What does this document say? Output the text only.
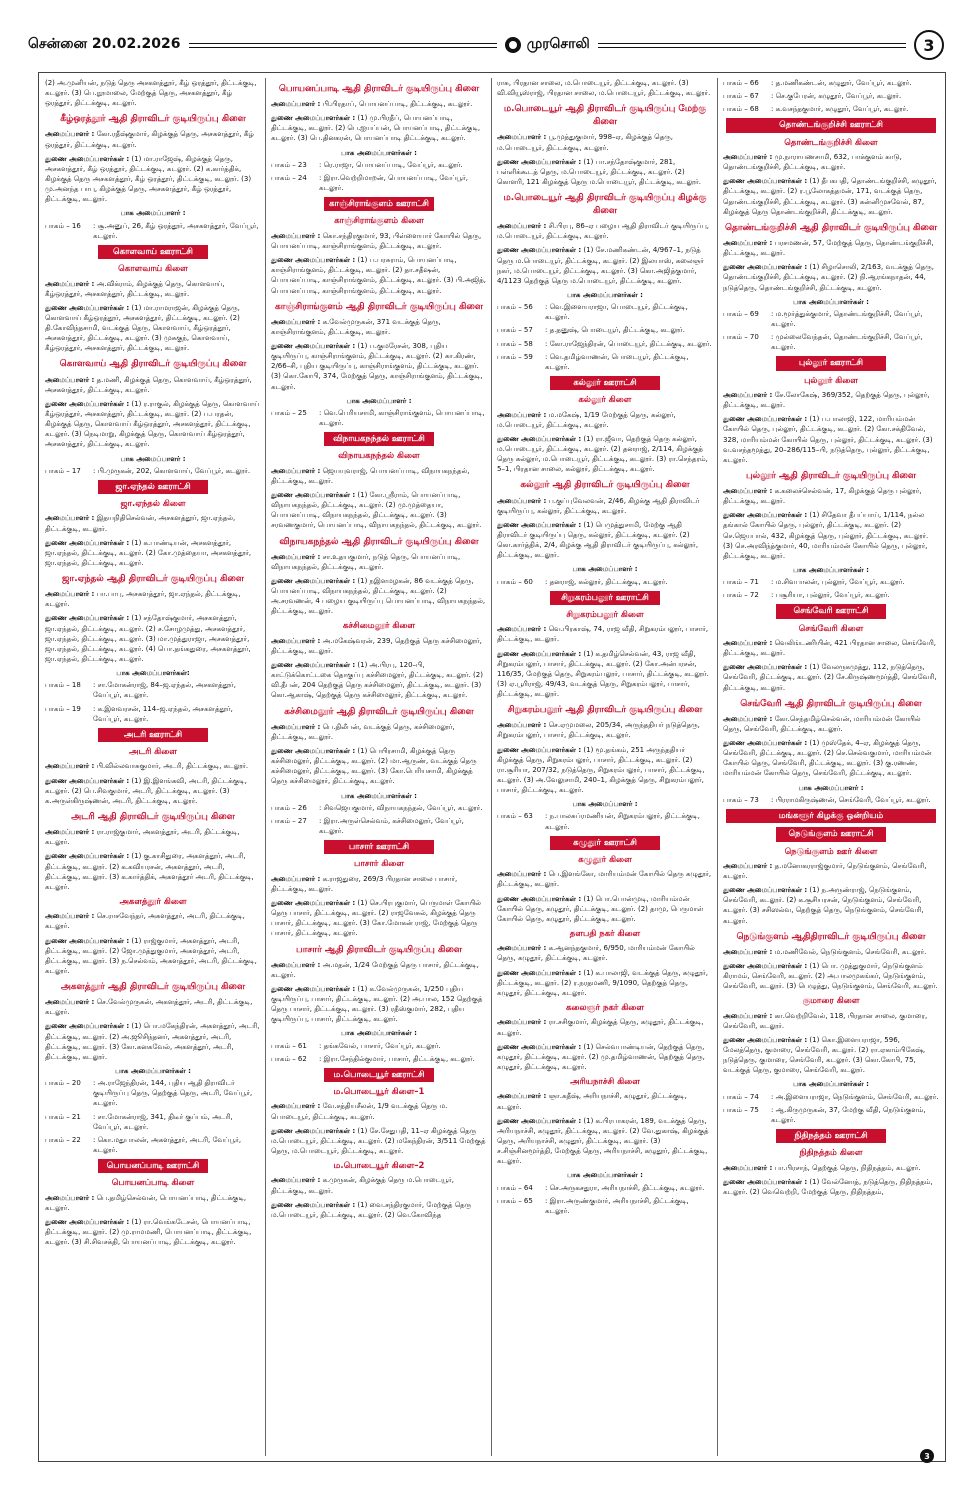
சென்னை 20.02.2026	முரசொலி	3

(2) அ.முனியன், நடுத் தெரு அசகளத்தூர், கீழ் ஒரத்தூர், திட்டக்குடி, கடலூர். (3) பெ.நூமாலை, மேற்குத் தெரு, அசகளத்தூர், கீழ் ஒரத்தூர், திட்டக்குடி, கடலூர்.

கீழ்ஒரத்தூர் ஆதி திராவிடர் குடியிருப்பு கிளை

அமைப்பாளர் : கோ.ரதீஷ்குமார், கிழக்குத் தெரு, அசகளத்தூர், கீழ் ஒரத்தூர், திட்டக்குடி, கடலூர்.

துணை அமைப்பாளர்கள் : (1) மா.ராஜேஷ், கிழக்குத் தெரு, அசகளத்தூர், கீழ் ஒரத்தூர், திட்டக்குடி, கடலூர். (2) க.கார்த்திக், கிழக்குத் தெரு அசகளத்தூர், கீழ் ஒரத்தூர், திட்டக்குடி, கடலூர். (3) மு.அனந்த பாபு, கிழக்குத் தெரு, அசகளத்தூர், கீழ் ஒரத்தூர், திட்டக்குடி, கடலூர்.

பாக அமைப்பாளர் :
பாகம் – 16	: சூ.அனுப், 26, கீழ் ஒரத்தூர், அசகளத்தூர், வேப்பூர், கடலூர்.
கொளவாய் ஊராட்சி
கொளவாய் கிளை

அமைப்பாளர் : அ.விக்ராம், கிழக்குத் தெரு, கொளவாய், கீழ்ஒரத்தூர், அசகளத்தூர், திட்டக்குடி, கடலூர்.

துணை அமைப்பாளர்கள் : (1) மா.ராமராஜன், கிழக்குத் தெரு, கொளவாய் கீழ்ஒரத்தூர், அசகளத்தூர், திட்டக்குடி, கடலூர். (2) தி.கோவிந்தசாமி, வடக்குத் தெரு, கொளவாய், கீழ்ஒரத்தூர், அசகளத்தூர், திட்டக்குடி, கடலூர். (3) முசுகுந், கொளவாய், கீழ்ஒரத்தூர், அசகளத்தூர், திட்டக்குடி, கடலூர்.

கொளவாய் ஆதி திராவிடர் குடியிருப்பு கிளை

அமைப்பாளர் : த.மணி, கிழக்குத் தெரு, கொளவாய், கீழ்ஒரத்தூர், அசகளத்தூர், திட்டக்குடி, கடலூர்.

துணை அமைப்பாளர்கள் : (1) ர.ராகுல், கிழக்குத் தெரு, கொளவாய் கீழ்ஒரத்தூர், அசகளத்தூர், திட்டக்குடி, கடலூர். (2) ப.பரதன், கிழக்குத் தெரு, கொளவாய் கீழ்ஒரத்தூர், அசகளத்தூர், திட்டக்குடி, கடலூர். (3) நெடிமாறு, கிழக்குத் தெரு, கொளவாய் கீழ்ஒரத்தூர், அசகளத்தூர், திட்டக்குடி, கடலூர்.

பாக அமைப்பாளர் :
பாகம் – 17	: பி.முருகன், 202, கொளவாய், வேப்பூர், கடலூர்.
ஜா.ஏந்தல் ஊராட்சி
ஜா.ஏந்தல் கிளை

அமைப்பாளர் : இதயநிதிசெல்வன், அசகளத்தூர், ஜா.ஏந்தல், திட்டக்குடி, கடலூர்.

துணை அமைப்பாளர்கள் : (1) க.பாண்டியன், அசகளத்தூர், ஜா.ஏந்தல், திட்டக்குடி, கடலூர். (2) கோ.முத்தையா, அசகளத்தூர், ஜா.ஏந்தல், திட்டக்குடி, கடலூர்.

ஜா.ஏந்தல் ஆதி திராவிடர் குடியிருப்பு கிளை

அமைப்பாளர் : பா.பாபு, அசகளத்தூர், ஜா.ஏந்தல், திட்டக்குடி, கடலூர்.

துணை அமைப்பாளர்கள் : (1) சந்தோஷ்குமார், அசகளத்தூர், ஜா.ஏந்தல், திட்டக்குடி, கடலூர். (2) ச.சோழமுத்து, அசகளத்தூர், ஜா.ஏந்தல், திட்டக்குடி, கடலூர். (3) மா.முத்துராஜா, அசகளத்தூர், ஜா.ஏந்தல், திட்டக்குடி, கடலூர். (4) பொ.தங்கதுரை, அசகளத்தூர், ஜா.ஏந்தல், திட்டக்குடி, கடலூர்.

பாக அமைப்பாளர்கள்:
பாகம் – 18	: சா.மோகன்ராஜ், 84–ஜ.ஏந்தல், அசகளத்தூர், வேப்பூர், கடலூர்.
பாகம் – 19	: க.இளவரசன், 114–ஜ.ஏந்தல், அசகளத்தூர், வேப்பூர், கடலூர்.
அடரி ஊராட்சி
அடரி கிளை

அமைப்பாளர் : பி.வில்லவாசுகுமார், அடரி, திட்டக்குடி, கடலூர்.

துணை அமைப்பாளர்கள் : (1) இ.இளங்கவி, அடரி, திட்டக்குடி, கடலூர். (2) பெ.சிவகுமார், அடரி, திட்டக்குடி, கடலூர். (3) க.அருள்கிருஷ்ணன், அடரி, திட்டக்குடி, கடலூர்.

அடரி ஆதி திராவிடர் குடியிருப்பு கிளை

அமைப்பாளர் : ரா.ராஜ்குமார், அகளத்தூர், அடரி, திட்டக்குடி, கடலூர்.

துணை அமைப்பாளர்கள் : (1) கு.காசிதுரை, அகளத்தூர், அடரி, திட்டக்குடி, கடலூர். (2) க.கவியரசன், அகளத்தூர், அடரி, திட்டக்குடி, கடலூர். (3) க.கார்த்திக், அகளத்தூர் அடரி, திட்டக்குடி, கடலூர்.

அகளத்தூர் கிளை

அமைப்பாளர் : செ.ராசவேந்தர், அகளத்தூர், அடரி, திட்டக்குடி, கடலூர்.

துணை அமைப்பாளர்கள் : (1) ராஜ்குமார், அகளத்தூர், அடரி, திட்டக்குடி, கடலூர். (2) ஜோ.முத்துகுமார், அகளத்தூர், அடரி, திட்டக்குடி, கடலூர். (3) ந.செல்வம், அகளத்தூர், அடரி, திட்டக்குடி, கடலூர்.

அகளத்தூர் ஆதி திராவிடர் குடியிருப்பு கிளை

அமைப்பாளர் : செ.வேல்முருகன், அகளத்தூர், அடரி, திட்டக்குடி, கடலூர்.

துணை அமைப்பாளர்கள் : (1) பொ.மகேந்திரன், அகளத்தூர், அடரி, திட்டக்குடி, கடலூர். (2) அ.ஜூசிந்தனர், அகளத்தூர், அடரி, திட்டக்குடி, கடலூர். (3) கோ.கனகவேல், அகளத்தூர், அடரி, திட்டக்குடி, கடலூர்.

பாக அமைப்பாளர்கள் :
பாகம் – 20	: அ.ராஜேந்திரன், 144, புதிய ஆதி திராவிடர் குடியிருப்பு தெரு, தெற்குத் தெரு, அடரி, வேப்பூர், கடலூர்.
பாகம் – 21	: சா.மோகன்ராஜ், 341, திடீர் குப்பம், அடரி, வேப்பூர், கடலூர்.
பாகம் – 22	: கொ.மதுபாலன், அகளத்தூர், அடரி, வேப்பூர், கடலூர்.
பொயனப்பாடி ஊராட்சி
பொயனப்பாடி கிளை

அமைப்பாளர் : பெ.தமிழ்செல்வன், பொயனப்பாடி, திட்டக்குடி, கடலூர்.

துணை அமைப்பாளர்கள் : (1) ரா.வெங்கடேசன், பொயனப்பாடி, திட்டக்குடி, கடலூர். (2) மு.ராமமணி, பொயனப்பாடி, திட்டக்குடி, கடலூர். (3) சி.சிவசக்தி, பொயனப்பாடி, திட்டக்குடி, கடலூர்.

பொயனப்பாடி ஆதி திராவிடர் குடியிருப்பு கிளை

அமைப்பாளர் : பி.பிரதாப், பொயனப்பாடி, திட்டக்குடி, கடலூர்.

துணை அமைப்பாளர்கள் : (1) மு.பிரதீப், பொயனப்பாடி, திட்டக்குடி, கடலூர். (2) பெ.ஐயப்பன், பொயனப்பாடி, திட்டக்குடி, கடலூர். (3) பெ.தினகரன், பொயனப்பாடி திட்டக்குடி, கடலூர்.

பாக அமைப்பாளர்கள் :
பாகம் – 23	: ரெ.ராஜா, பொயனப்பாடி, வேப்பூர், கடலூர்.
பாகம் – 24	: இரா.வெற்றிமாறன், பொயனப்பாடி, வேப்பூர், கடலூர்.
காஞ்சிராங்குளம் ஊராட்சி
காஞ்சிராங்குளம் கிளை

அமைப்பாளர் : கொ.சந்திரகுமார், 93, பிள்ளையார் கோயில் தெரு, பொயனப்பாடி, காஞ்சிராங்குளம், திட்டக்குடி, கடலூர்.

துணை அமைப்பாளர்கள் : (1) ப.பரசுராம், பொயனப்பாடி, காஞ்சிராங்குளம், திட்டக்குடி, கடலூர். (2) தா.சதீஷன், பொயனப்பாடி, காஞ்சிராங்குளம், திட்டக்குடி, கடலூர். (3) பி.அஜித், பொயனப்பாடி, காஞ்சிராங்குளம், திட்டக்குடி, கடலூர்.

காஞ்சிராங்குளம் ஆதி திராவிடர் குடியிருப்பு கிளை

அமைப்பாளர் : க.வேல்முருகன், 371 வடக்குத் தெரு, காஞ்சிராங்குளம், திட்டக்குடி, கடலூர்.

துணை அமைப்பாளர்கள் : (1) ப.குமரேசன், 308, புதிய குடியிருப்பு, காஞ்சிராங்குளம், திட்டக்குடி, கடலூர். (2) கா.கிரண், 2/66–சி, புதிய குடியிருப்பு, காஞ்சிராங்குளம், திட்டக்குடி, கடலூர். (3) கொ.கோபி, 374, மேற்குத் தெரு, காஞ்சிராங்குளம், திட்டக்குடி, கடலூர்.

பாக அமைப்பாளர் :
பாகம் – 25	: வெ.பெரியசாமி, காஞ்சிராங்குளம், பொயனப்பாடி, கடலூர்.
விநாயகநந்தல் ஊராட்சி
விநாயகநந்தல் கிளை

அமைப்பாளர் : ஜெயயுவராஜ், பொயனப்பாடி, விநாயகநந்தல், திட்டக்குடி, கடலூர்.

துணை அமைப்பாளர்கள் : (1) கோ.ஸ்ரீராம், பொயனப்பாடி, விநாயகநந்தல், திட்டக்குடி, கடலூர். (2) மு.முத்தையா, பொயனப்பாடி, விநாயகநந்தல், திட்டக்குடி, கடலூர். (3) சரவணகுமார், பொயனப்பாடி, விநாயகநந்தல், திட்டக்குடி, கடலூர்.

விநாயகநந்தல் ஆதி திராவிடர் குடியிருப்பு கிளை

அமைப்பாளர் : சா.உதயகுமார், நடுத் தெரு, பொயனப்பாடி, விநாயகநந்தல், திட்டக்குடி, கடலூர்.

துணை அமைப்பாளர்கள் : (1) நஇளமழகன், 86 வடக்குத் தெரு, பொயனப்பாடி, விநாயகநந்தல், திட்டக்குடி, கடலூர். (2) அ.சரவணன், 4 பழைய குடியிருப்பு பொயனப்பாடி, விநாயகநந்தல், திட்டக்குடி, கடலூர்.

கச்சிமைலூர் கிளை

அமைப்பாளர் : அ.மகேஷ்வரன், 239, தெற்குத் தெரு கச்சிமைலூர், திட்டக்குடி, கடலூர்.

துணை அமைப்பாளர்கள் : (1) அ.பிரபு, 120–பி, காட்டுக்கொட்டகை தொகுப்பு கச்சிமைலூர், திட்டக்குடி, கடலூர். (2) வி.தீபன், 204 தெற்குத் தெரு கச்சிமைலூர், திட்டக்குடி, கடலூர். (3) கொ.ஆகாஷ், தெற்குத் தெரு கச்சிமைலூர், திட்டக்குடி, கடலூர்.

கச்சிமைலூர் ஆதி திராவிடர் குடியிருப்பு கிளை

அமைப்பாளர் : பெ.திலீபன், வடக்குத் தெரு, கச்சிமைலூர், திட்டக்குடி, கடலூர்.

துணை அமைப்பாளர்கள் : (1) பெயிரசாமி, கிழக்குத் தெரு கச்சிமைலூர், திட்டக்குடி, கடலூர். (2) மா.ஆருண், வடக்குத் தெரு கச்சிமைலூர், திட்டக்குடி, கடலூர். (3) கோ.பெரியசாமி, கிழக்குத் தெரு கச்சிமைலூர், திட்டக்குடி, கடலூர்.

பாக அமைப்பாளர்கள் :
பாகம் – 26	: சிவஜெயகுமார், விநாயகநந்தல், வேப்பூர், கடலூர்.
பாகம் – 27	: இரா.அருள்செல்வம், கச்சிமைலூர், வேப்பூர், கடலூர்.
பாசார் ஊராட்சி
பாசார் கிளை

அமைப்பாளர் : க.ராஜதுரை, 269/3 பிரதான சாலை பாசார், திட்டக்குடி, கடலூர்.

துணை அமைப்பாளர்கள் : (1) செ.பிரபுகுமார், பெருமாள் கோயில் தெரு பாசார், திட்டக்குடி, கடலூர். (2) ராஜவேசுல், கிழக்குத் தெரு பாசார், திட்டக்குடி, கடலூர். (3) கோ.மோகன் ராஜ், மேற்குத் தெரு பாசார், திட்டக்குடி, கடலூர்.

பாசார் ஆதி திராவிடர் குடியிருப்பு கிளை

அமைப்பாளர் : அ.மதன், 1/24 மேற்குத் தெரு பாசார், திட்டக்குடி, கடலூர்.

துணை அமைப்பாளர்கள் : (1) க.வேல்முருகன், 1/250 புதிய குடியிருப்பு, பாசார், திட்டக்குடி, கடலூர். (2) அ.பால, 152 தெற்குத் தெரு பாசார், திட்டக்குடி, கடலூர். (3) ரதீஸ்குமார், 282, புதிய குடியிருப்பு, பாசார், திட்டக்குடி, கடலூர்.

பாக அமைப்பாளர்கள் :
பாகம் – 61	: தங்கவேல், பாசார், வேப்பூர், கடலூர்.
பாகம் – 62	: இரா.சேந்தில்குமார், பாசார், திட்டக்குடி, கடலூர்.
ம.பொடையூர் ஊராட்சி
ம.பொடையூர் கிளை–1

அமைப்பாளர் : வே.சத்தியசீலன், 1/9 வடக்குத் தெரு ம. பொடையூர், திட்டக்குடி, கடலூர்.

துணை அமைப்பாளர்கள் : (1) சே.சேதுபதி, 11–ஏ கிழக்குத் தெரு ம.பொடையூர், திட்டக்குடி, கடலூர். (2) மகேந்திரன், 3/511 மேற்குத் தெரு, ம.பொடையூர், திட்டக்குடி, கடலூர்.

ம.பொடையூர் கிளை–2

அமைப்பாளர் : க.முருகன், கிழக்குத் தெரு ம.பொடையூர், திட்டக்குடி, கடலூர்.

துணை அமைப்பாளர்கள் : (1) வை.சந்திரகுமார், மேற்குத் தெரு ம.பொடையூர், திட்டக்குடி, கடலூர். (2) வெ.கோவிந்த

ராசு, பிரதான சாலை, ம.பொடையூர், திட்டக்குடி, கடலூர். (3) வி.வியூஸ்ராஜ், பிரதான சாலை, ம.பொடையூர், திட்டக்குடி, கடலூர்.

ம.பொடையூர் ஆதி திராவிடர் குடியிருப்பு மேற்கு கிளை

அமைப்பாளர் : பூ.முத்துகுமார், 998–ஏ, கிழக்குத் தெரு, ம.பொடையூர், திட்டக்குடி, கடலூர்.

துணை அமைப்பாளர்கள் : (1) பா.சந்தோஷ்குமார், 281, பள்ளிக்கூடத் தெரு, ம.பொடையூர், திட்டக்குடி, கடலூர். (2) கொளரி, 121 கிழக்குத் தெரு ம.பொடையூர், திட்டக்குடி, கடலூர்.

ம.பொடையூர் ஆதி திராவிடர் குடியிருப்பு கிழக்கு கிளை

அமைப்பாளர் : சி.பிரபு, 86–ஏ பழைய ஆதி திராவிடர் குடியிருப்பு, ம.பொடையூர், திட்டக்குடி, கடலூர்.

துணை அமைப்பாளர்கள் : (1) சே.மணிகண்டன், 4/967–1, நடுத் தெரு ம.பொடையூர், திட்டக்குடி, கடலூர். (2) இலயாஸ், கலைஞர் நகர், ம.பொடையூர், திட்டக்குடி, கடலூர். (3) கொ.அஜித்குமார், 4/1123 தெற்குத் தெரு ம.பொடையூர், திட்டக்குடி, கடலூர்.

பாக அமைப்பாளர்கள் :
பாகம் – 56	: வெ.இளையராஜா, பொடையூர், திட்டக்குடி, கடலூர்.
பாகம் – 57	: த.தனுஷ், பொடையூர், திட்டக்குடி, கடலூர்.
பாகம் – 58	: கோ.ராஜேந்திரன், பொடையூர், திட்டக்குடி, கடலூர்.
பாகம் – 59	: வெ.தமிழ்வாணன், பொடையூர், திட்டக்குடி, கடலூர்.
கல்லூர் ஊராட்சி
கல்லூர் கிளை

அமைப்பாளர் : ம.மகேஷ், 1/19 மேற்குத் தெரு, கல்லூர், ம.பொடையூர், திட்டக்குடி, கடலூர்.

துணை அமைப்பாளர்கள் : (1) ரா.ஜீவா, தெற்குத் தெரு கல்லூர், ம.பொடையூர், திட்டக்குடி, கடலூர். (2) தனராஜ், 2/114, கிழக்குத் தெரு கல்லூர், ம.பொடையூர், திட்டக்குடி, கடலூர். (3) ரா.செந்தரம், 5–1, பிரதான சாலை, கல்லூர், திட்டக்குடி, கடலூர்.

கல்லூர் ஆதி திராவிடர் குடியிருப்பு கிளை

அமைப்பாளர் : ப.குப்புவேலவன், 2/46, கிழக்கு ஆதி திராவிடர் குடியிருப்பு, கல்லூர், திட்டக்குடி, கடலூர்.

துணை அமைப்பாளர்கள் : (1) பெமுத்துசாமி, மேற்கு ஆதி திராவிடர் குடியிருப்பு தெரு, கல்லூர், திட்டக்குடி, கடலூர். (2) கொ.கார்த்திக், 2/4, கிழக்கு ஆதி திராவிடர் குடியிருப்பு, கல்லூர், திட்டக்குடி, கடலூர்.

பாக அமைப்பாளர் :
பாகம் – 60	: தனராஜ், கல்லூர், திட்டக்குடி, கடலூர்.
சிறுகரம்பலூர் ஊராட்சி
சிறுகரம்பலூர் கிளை

அமைப்பாளர் : வெ.பிரகாஷ், 74, ராஜ வீதி, சிறுகரம்பலூர், பாசார், திட்டக்குடி, கடலூர்.

துணை அமைப்பாளர்கள் : (1) க.தமிழ்செல்வன், 43, ராஜ வீதி, சிறுகரம்பலூர், பாசார், திட்டக்குடி, கடலூர். (2) கோ.அன்பரசன், 116/35, மேற்குத் தெரு, சிறுகரம்பலூர், பாசார், திட்டக்குடி, கடலூர். (3) ஏ.பூரிராஜ், 49/43, வடக்குத் தெரு, சிறுகரம்பலூர், பாசார், திட்டக்குடி, கடலூர்.

சிறுகரம்பலூர் ஆதி திராவிடர் குடியிருப்பு கிளை

அமைப்பாளர் : செ.ஏமுமலை, 205/34, அருந்ததியர் நடுத்தெரு, சிறுகரம்பலூர், பாசார், திட்டக்குடி, கடலூர்.

துணை அமைப்பாளர்கள் : (1) மூ.தங்கம், 251 அருந்ததியர் கிழக்குத் தெரு, சிறுகரம்பலூர், பாசார், திட்டக்குடி, கடலூர். (2) ரா.சூரியா, 207/32, நடுத்தெரு, சிறுகரம்பலூர், பாசார், திட்டக்குடி, கடலூர். (3) அ.வேலுசாமி, 240–1, கிழக்குத் தெரு, சிறுகரம்பலூர், பாசார், திட்டக்குடி, கடலூர்.

பாக அமைப்பாளர் :
பாகம் – 63	: ந.பாலசுப்ரமணியன், சிறுகரம்பலூர், திட்டக்குடி, கடலூர்.
கழுதூர் ஊராட்சி
கழுதூர் கிளை

அமைப்பாளர் : பெ.இளங்கோ, மாரியம்மன் கோயில் தெரு கழுதூர், திட்டக்குடி, கடலூர்.

துணை அமைப்பாளர்கள் : (1) பொ.பொன்முடி, மாரியம்மன் கோயில் தெரு, கழுதூர், திட்டக்குடி, கடலூர். (2) தாமு, பெருமாள் கோயில் தெரு, கழுதூர், திட்டக்குடி, கடலூர்.

தளபதி நகர் கிளை

அமைப்பாளர் : க.ஆனந்தகுமார், 6/950, மாரியம்மன் கோயில் தெரு, கழுதூர், திட்டக்குடி, கடலூர்.

துணை அமைப்பாளர்கள் : (1) க.பாலாஜி, வடக்குத் தெரு, கழுதூர், திட்டக்குடி, கடலூர். (2) ர.நரதமணி, 9/1090, தெற்குத் தெரு, கழுதூர், திட்டக்குடி, கடலூர்.

கலைஞர் நகர் கிளை

அமைப்பாளர் : ரா.சசிகுமார், கிழக்குத் தெரு, கழுதூர், திட்டக்குடி, கடலூர்.

துணை அமைப்பாளர்கள் : (1) செல்வபாண்டியன், தெற்குத் தெரு, கழுதூர், திட்டக்குடி, கடலூர். (2) மு.தமிழ்வாணன், தெற்குத் தெரு, கழுதூர், திட்டக்குடி, கடலூர்.

அரியநாச்சி கிளை

அமைப்பாளர் : ஞா.கதீஷ், அரியநாச்சி, கழுதூர், திட்டக்குடி, கடலூர்.

துணை அமைப்பாளர்கள் : (1) க.பிரபாகரன், 189, வடக்குத் தெரு, அரியநாச்சி, கழுதூர், திட்டக்குடி, கடலூர். (2) வே.துகாஷ், கிழக்குத் தெரு, அரியநாச்சி, கழுதூர், திட்டக்குடி, கடலூர். (3) ச.சிஞ்சினமூர்த்தி, மேற்குத் தெரு, அரியநாச்சி, கழுதூர், திட்டக்குடி, கடலூர்.

பாக அமைப்பாளர்கள் :
பாகம் – 64	: செ.அருகசதுரா, அரியநாச்சி, திட்டக்குடி, கடலூர்.
பாகம் – 65	: இரா.அருண்குமார், அரியநாச்சி, திட்டக்குடி, கடலூர்.
பாகம் – 66	: த.மணிகண்டன், கழுதூர், வேப்பூர், கடலூர்.
பாகம் – 67	: செ.குபேரன், கழுதூர், வேப்பூர், கடலூர்.
பாகம் – 68	: க.வசந்தகுமார், கழுதூர், வேப்பூர், கடலூர்.
தொண்டங்குறிச்சி ஊராட்சி
தொண்டங்குறிச்சி கிளை

அமைப்பாளர் : மு.நாராயணசாமி, 632, பாக்குளம் காடு, தொண்டங்குறிச்சி, திட்டக்குடி, கடலூர்.

துணை அமைப்பாளர்கள் : (1) தீபகபதி, தொண்டங்குறிச்சி, கழுதூர், திட்டக்குடி, கடலூர். (2) ர.பூலோகத்தமன், 171, வடக்குத் தெரு, தொண்டங்குறிச்சி, திட்டக்குடி, கடலூர். (3) கன்னிமுசவேல், 87, கிழக்குத் தெரு தொண்டங்குறிச்சி, திட்டக்குடி, கடலூர்.

தொண்டங்குறிச்சி ஆதி திராவிடர் குடியிருப்பு கிளை

அமைப்பாளர் : பரசமணன், 57, மேற்குத் தெரு, தொண்டங்குறிச்சி, திட்டக்குடி, கடலூர்.

துணை அமைப்பாளர்கள் : (1) சிழாசொலி, 2/163, வடக்குத் தெரு, தொண்டங்குறிச்சி, திட்டக்குடி, கடலூர். (2) நி.ஆரங்கநாதன், 44, நடுத்தெரு, தொண்டங்குறிச்சி, திட்டக்குடி, கடலூர்.

பாக அமைப்பாளர்கள் :
பாகம் – 69	: ம.மூர்த்துக்குமார், தொண்டங்குறிச்சி, வேப்பூர், கடலூர்.
பாகம் – 70	: முல்லைவேந்தன், தொண்டங்குறிச்சி, வேப்பூர், கடலூர்.
புல்லூர் ஊராட்சி
புல்லூர் கிளை

அமைப்பாளர் : சே.லோகேஷ், 369/352, தெற்குத் தெரு, புல்லூர், திட்டக்குடி, கடலூர்.

துணை அமைப்பாளர்கள் : (1) ப.பாலாஜி, 122, மாரியம்மன் கோயில் தெரு, புல்லூர், திட்டக்குடி, கடலூர். (2) கோ.சக்திவேல், 328, மாரியம்மன் கோயில் தெரு, புல்லூர், திட்டக்குடி, கடலூர். (3) வ.வசந்தமூத்து, 20–286/115–பி, நடுத்தெரு, புல்லூர், திட்டக்குடி, கடலூர்.

புல்லூர் ஆதி திராவிடர் குடியிருப்பு கிளை

அமைப்பாளர் : க.கலைச்செல்வன், 17, கிழக்குத் தெரு புல்லூர், திட்டக்குடி, கடலூர்.

துணை அமைப்பாளர்கள் : (1) சிதேவா தீபப்பாய், 1/114, நல்ல தங்கால் கோயில் தெரு, புல்லூர், திட்டக்குடி, கடலூர். (2) செ.ஜெயபால், 432, கிழக்குத் தெரு, புல்லூர், திட்டக்குடி, கடலூர். (3) செ.அரவிந்த்குமார், 40, மாரியம்மன் கோயில் தெரு, புல்லூர், திட்டக்குடி, கடலூர்.

பாக அமைப்பாளர்கள் :
பாகம் – 71	: ம.சிவபாலன், புல்லூர், வேப்பூர், கடலூர்.
பாகம் – 72	: பசூரியா, புல்லூர், வேப்பூர், கடலூர்.
செங்வேரி ஊராட்சி
செங்வேரி கிளை

அமைப்பாளர் : வெலிங்டணியின், 421 பிரதான சாலை, செங்வேரி, திட்டக்குடி, கடலூர்.

துணை அமைப்பாளர்கள் : (1) வேலருகமுத்து, 112, நடுத்தெரு, செங்வேரி, திட்டக்குடி, கடலூர். (2) சே.கிருஷ்ணமூர்த்தி, செங்வேரி, திட்டக்குடி, கடலூர்.

செங்வேரி ஆதி திராவிடர் குடியிருப்பு கிளை

அமைப்பாளர் : கோ.செந்தமிழ்செல்வன், மாரியம்மன் கோயில் தெரு, செங்வேரி, திட்டக்குடி, கடலூர்.

துணை அமைப்பாளர்கள் : (1) முஸ்தேக், 4–ஏ, கிழக்குத் தெரு, செங்வேரி, திட்டக்குடி, கடலூர். (2) செ.செல்வகுமார், மாரியம்மன் கோயில் தெரு, செங்வேரி, திட்டக்குடி, கடலூர். (3) கு.ரணண், மாரியம்மன் கோயில் தெரு, செங்வேரி, திட்டக்குடி, கடலூர்.

பாக அமைப்பாளர் :
பாகம் – 73	: பிரராமகிருஷ்ணன், செங்வேரி, வேப்பூர், கடலூர்.
மங்களூர் கிழக்கு ஒன்றியம்
நெடுங்குளம் ஊராட்சி
நெடுங்குளம் ஊர் கிளை

அமைப்பாளர் : த.மனோகரராஜ்குமார், நெடுங்குளம், செங்வேரி, கடலூர்.

துணை அமைப்பாளர்கள் : (1) ந.அருண்ராஜ், நெடுங்குளம், செங்வேரி, கடலூர். (2) க.சூசியரசன், நெடுங்குளம், செங்வேரி, கடலூர். (3) சசிஸல்வ, தெற்குத் தெரு, நெடுங்குளம், செங்வேரி, கடலூர்.

நெடுங்குளம் ஆதிதிராவிடர் குடியிருப்பு கிளை

அமைப்பாளர் : ம.மணிவேல், நெடுங்குளம், செங்வேரி, கடலூர்.

துணை அமைப்பாளர்கள் : (1) பொ. முத்துகுமார், நெடுங்குளம் கிராமம், செங்வேரி, கடலூர். (2) அ.பாலமுகங்கர், நெடுங்குளம், செங்வேரி, கடலூர். (3) பெழுத்து, நெடுங்குளம், செங்வேரி, கடலூர்.

குமாரை கிளை

அமைப்பாளர் : கா.வெற்றிவேல், 118, பிரதான சாலை, குமாரை, செங்வேரி, கடலூர்.

துணை அமைப்பாளர்கள் : (1) கொ.இளையராஜா, 596, மேலத்தெரு, குமாரை, செங்வேரி, கடலூர். (2) ரா.ஏகாம்பிகேஷ், நடுத்தெரு, குமாரை, செங்வேரி, கடலூர். (3) கொ.கோபி, 75, வடக்குத் தெரு, குமாரை, செங்வேரி, கடலூர்.

பாக அமைப்பாளர்கள் :
பாகம் – 74	: அ.இளையராஜா, நெடுங்குளம், செங்வேரி, கடலூர்.
பாகம் – 75	: ஆ.கிருமுருகன், 37, மேற்கு வீதி, நெடுங்குளம், கடலூர்.
நிதிநத்தம் ஊராட்சி
நிதிநத்தம் கிளை

அமைப்பாளர் : பா.பிரசாந், தெற்குத் தெரு, நிதிநத்தம், கடலூர்.

துணை அமைப்பாளர்கள் : (1) வேல்னோத், நடுத்தெரு, நிதிநத்தம், கடலூர். (2) வெவெற்றி, மேற்குத் தெரு, நிதிநத்தம்,

3
